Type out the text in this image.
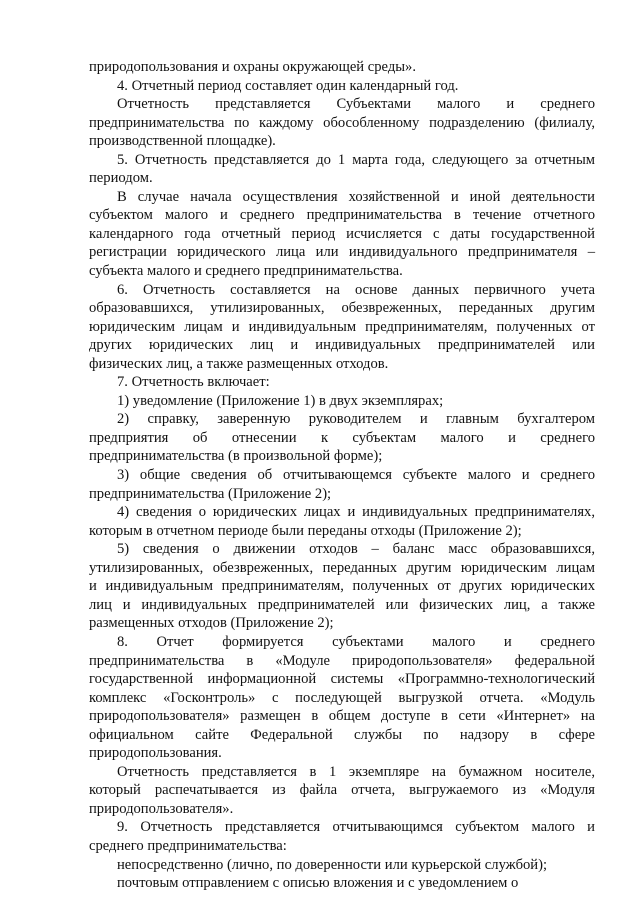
природопользования и охраны окружающей среды».

4. Отчетный период составляет один календарный год.

Отчетность представляется Субъектами малого и среднего
предпринимательства по каждому обособленному подразделению (филиалу,
производственной площадке).

5. Отчетность представляется до 1 марта года, следующего за отчетным
периодом.

В случае начала осуществления хозяйственной и иной деятельности
субъектом малого и среднего предпринимательства в течение отчетного
календарного года отчетный период исчисляется с даты государственной
регистрации юридического лица или индивидуального предпринимателя –
субъекта малого и среднего предпринимательства.

6. Отчетность составляется на основе данных первичного учета
образовавшихся, утилизированных, обезвреженных, переданных другим
юридическим лицам и индивидуальным предпринимателям, полученных от
других юридических лиц и индивидуальных предпринимателей или
физических лиц, а также размещенных отходов.

7. Отчетность включает:

1) уведомление (Приложение 1) в двух экземплярах;

2) справку, заверенную руководителем и главным бухгалтером
предприятия об отнесении к субъектам малого и среднего
предпринимательства (в произвольной форме);

3) общие сведения об отчитывающемся субъекте малого и среднего
предпринимательства (Приложение 2);

4) сведения о юридических лицах и индивидуальных предпринимателях,
которым в отчетном периоде были переданы отходы (Приложение 2);

5) сведения о движении отходов – баланс масс образовавшихся,
утилизированных, обезвреженных, переданных другим юридическим лицам
и индивидуальным предпринимателям, полученных от других юридических
лиц и индивидуальных предпринимателей или физических лиц, а также
размещенных отходов (Приложение 2);

8. Отчет формируется субъектами малого и среднего
предпринимательства в «Модуле природопользователя» федеральной
государственной информационной системы «Программно-технологический
комплекс «Госконтроль» с последующей выгрузкой отчета. «Модуль
природопользователя» размещен в общем доступе в сети «Интернет» на
официальном сайте Федеральной службы по надзору в сфере
природопользования.

Отчетность представляется в 1 экземпляре на бумажном носителе,
который распечатывается из файла отчета, выгружаемого из «Модуля
природопользователя».

9. Отчетность представляется отчитывающимся субъектом малого и
среднего предпринимательства:

непосредственно (лично, по доверенности или курьерской службой);

почтовым отправлением с описью вложения и с уведомлением о
